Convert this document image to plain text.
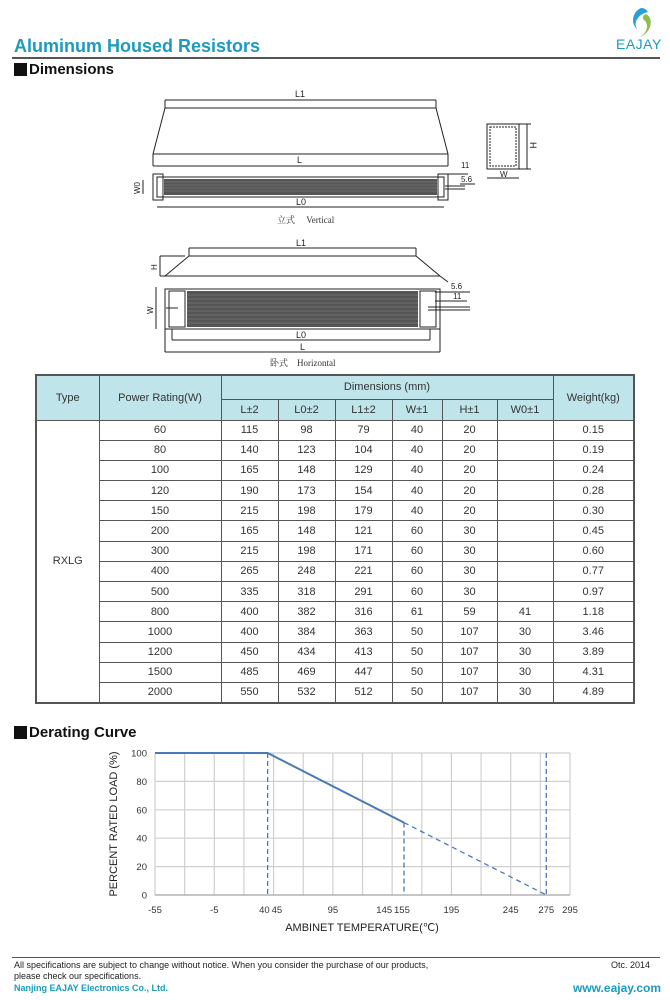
EAJAY
Aluminum Housed Resistors
Dimensions
L1
L
L0
11
5.6
W0
H
W
立式 Vertical
L1
H
W
L0
L
5.6
11
卧式 Horizontal
Type	Power Rating(W)	Dimensions (mm)						Weight(kg)
		L±2	L0±2	L1±2	W±1	H±1	W0±1	
RXLG	60	115	98	79	40	20		0.15
	80	140	123	104	40	20		0.19
	100	165	148	129	40	20		0.24
	120	190	173	154	40	20		0.28
	150	215	198	179	40	20		0.30
	200	165	148	121	60	30		0.45
	300	215	198	171	60	30		0.60
	400	265	248	221	60	30		0.77
	500	335	318	291	60	30		0.97
	800	400	382	316	61	59	41	1.18
	1000	400	384	363	50	107	30	3.46
	1200	450	434	413	50	107	30	3.89
	1500	485	469	447	50	107	30	4.31
	2000	550	532	512	50	107	30	4.89
Derating Curve
0
20
40
60
80
100
-55	-5	40 45	95	145 155	195	245 275 295
PERCENT RATED LOAD (%)
AMBINET TEMPERATURE(℃)
All specifications are subject to change without notice. When you consider the purchase of our products,
please check our specifications.
Otc. 2014
Nanjing EAJAY Electronics Co., Ltd.	www.eajay.com
